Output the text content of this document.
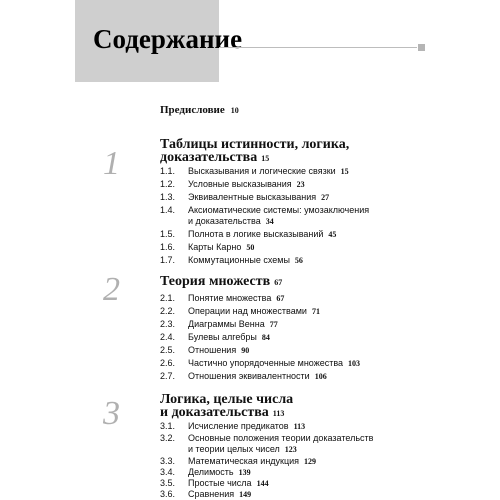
Содержание
Предисловие 10
1
Таблицы истинности, логика,
доказательства 15
1.1.	Высказывания и логические связки 15
1.2.	Условные высказывания 23
1.3.	Эквивалентные высказывания 27
1.4.	Аксиоматические системы: умозаключения
и доказательства 34
1.5.	Полнота в логике высказываний 45
1.6.	Карты Карно 50
1.7.	Коммутационные схемы 56
2	Теория множеств 67
2.1.	Понятие множества 67
2.2.	Операции над множествами 71
2.3.	Диаграммы Венна 77
2.4.	Булевы алгебры 84
2.5.	Отношения 90
2.6.	Частично упорядоченные множества 103
2.7.	Отношения эквивалентности 106
3	Логика, целые числа
и доказательства 113
3.1.	Исчисление предикатов 113
3.2.	Основные положения теории доказательств
и теории целых чисел 123
3.3.	Математическая индукция 129
3.4.	Делимость 139
3.5.	Простые числа 144
3.6.	Сравнения 149
